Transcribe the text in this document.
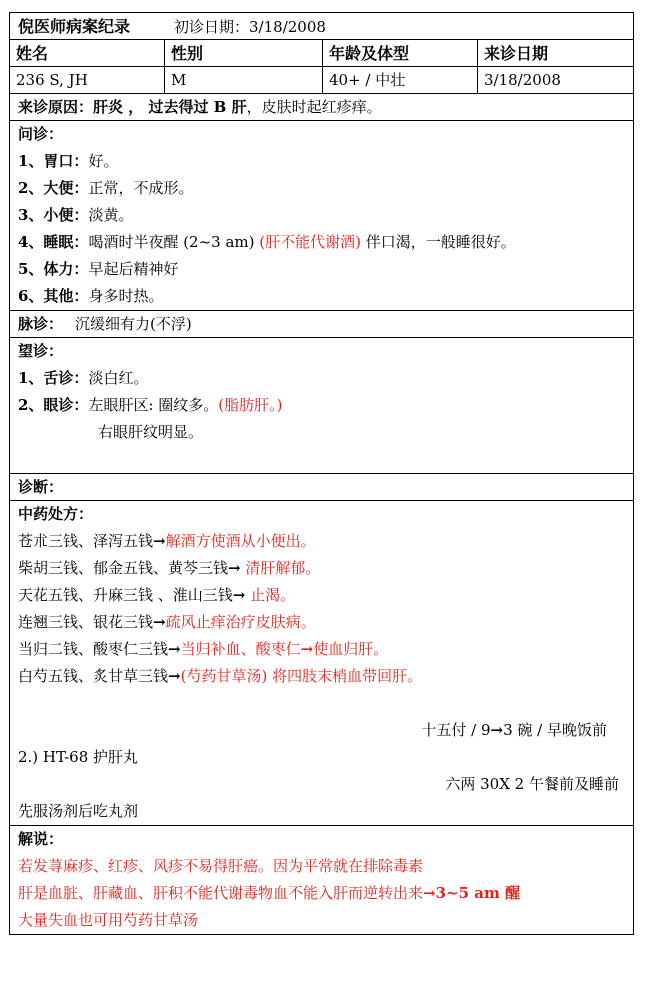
倪医师病案纪录	初诊日期：3/18/2008
姓名	性别	年龄及体型	来诊日期
236 S, JH	M	40+ / 中壮	3/18/2008
来诊原因：肝炎 ， 过去得过 B 肝，皮肤时起红疹痒。
问诊：
1、胃口：好。
2、大便：正常，不成形。
3、小便：淡黄。
4、睡眠：喝酒时半夜醒 (2~3 am) (肝不能代谢酒) 伴口渴，一般睡很好。
5、体力：早起后精神好
6、其他：身多时热。
脉诊： 沉缓细有力(不浮)
望诊：
1、舌诊：淡白红。
2、眼诊：左眼肝区: 圈纹多。(脂肪肝。)
右眼肝纹明显。
诊断：
中药处方：
苍朮三钱、泽泻五钱→解酒方使酒从小便出。
柴胡三钱、郁金五钱、黄芩三钱→ 清肝解郁。
天花五钱、升麻三钱 、淮山三钱→ 止渴。
连翘三钱、银花三钱→疏风止痒治疗皮肤病。
当归二钱、酸枣仁三钱→当归补血、酸枣仁→使血归肝。
白芍五钱、炙甘草三钱→(芍药甘草汤) 将四肢末梢血带回肝。
十五付 / 9→3 碗 / 早晚饭前
2.) HT-68 护肝丸
六两 30X 2 午餐前及睡前
先服汤剂后吃丸剂
解说：
若发荨麻疹、红疹、风疹不易得肝癌。因为平常就在排除毒素
肝是血脏、肝藏血、肝积不能代谢毒物血不能入肝而逆转出来→3~5 am 醒
大量失血也可用芍药甘草汤
